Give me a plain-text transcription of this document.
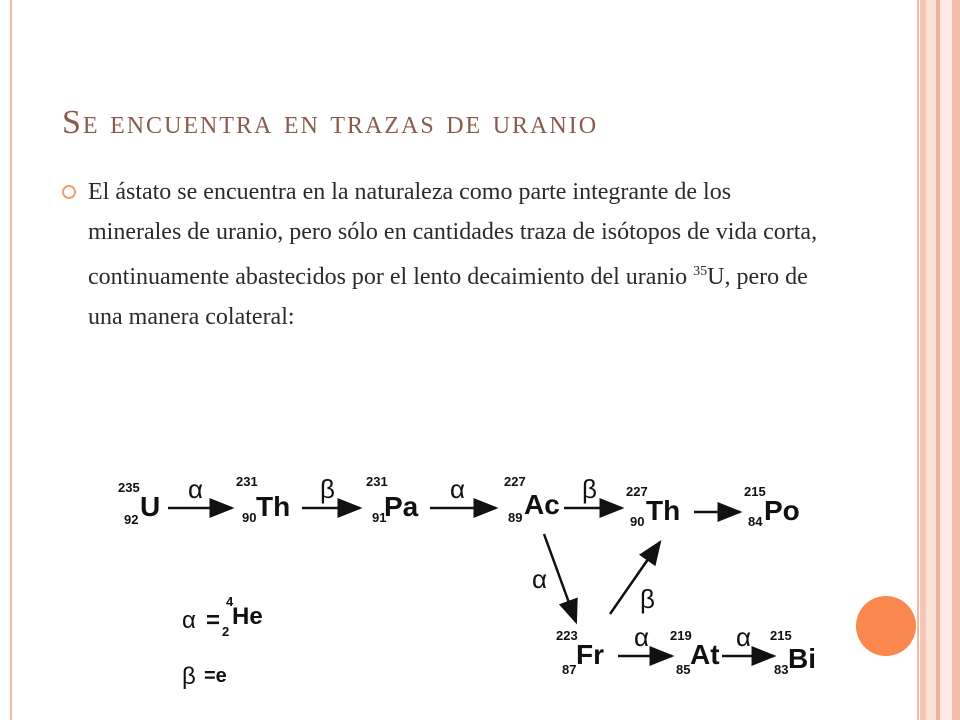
Se encuentra en trazas de uranio
El ástato se encuentra en la naturaleza como parte integrante de los minerales de uranio, pero sólo en cantidades traza de isótopos de vida corta, continuamente abastecidos por el lento decaimiento del uranio $^{35}$U, pero de una manera colateral:
235
92 U
231
90 Th
231
91
Pa
227
89 Ac	227
90 Th
215
84 Po
223
87 Fr
219
85 At
215
83 Bi
α	β	α	β
α
β
α	α
α =
4
2
He
β =e
